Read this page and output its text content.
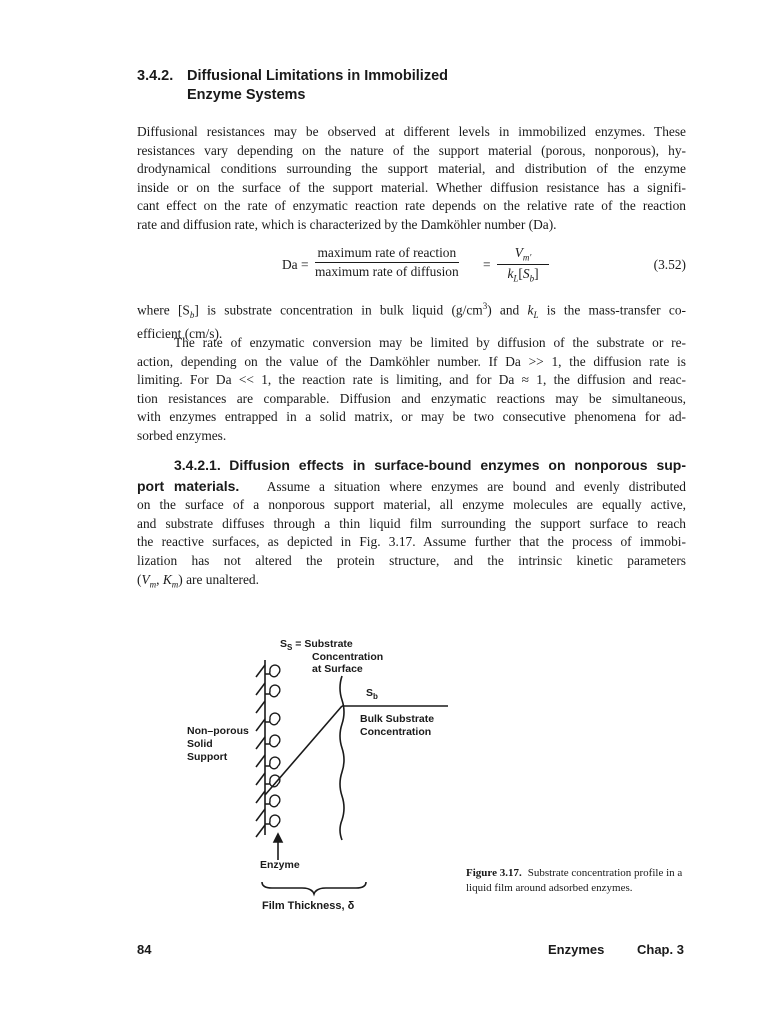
3.4.2. Diffusional Limitations in Immobilized
Enzyme Systems
Diffusional resistances may be observed at different levels in immobilized enzymes. These
resistances vary depending on the nature of the support material (porous, nonporous), hy-
drodynamical conditions surrounding the support material, and distribution of the enzyme
inside or on the surface of the support material. Whether diffusion resistance has a signifi-
cant effect on the rate of enzymatic reaction rate depends on the relative rate of the reaction
rate and diffusion rate, which is characterized by the Damköhler number (Da).
Da =
maximum rate of reaction
maximum rate of diffusion = $\frac{V_{m'}}{k_L[S_b]}$	(3.52)
where $[S_b]$ is substrate concentration in bulk liquid $(g/cm^3)$ and $k_L$ is the mass-transfer co-
efficient (cm/s).
The rate of enzymatic conversion may be limited by diffusion of the substrate or re-
action, depending on the value of the Damköhler number. If Da >> 1, the diffusion rate is
limiting. For Da << 1, the reaction rate is limiting, and for Da ≈ 1, the diffusion and reac-
tion resistances are comparable. Diffusion and enzymatic reactions may be simultaneous,
with enzymes entrapped in a solid matrix, or may be two consecutive phenomena for ad-
sorbed enzymes.
3.4.2.1. Diffusion effects in surface-bound enzymes on nonporous sup-
port materials. Assume a situation where enzymes are bound and evenly distributed
on the surface of a nonporous support material, all enzyme molecules are equally active,
and substrate diffuses through a thin liquid film surrounding the support surface to reach
the reactive surfaces, as depicted in Fig. 3.17. Assume further that the process of immobi-
lization has not altered the protein structure, and the intrinsic kinetic parameters
($V_m$, $K_m$) are unaltered.
$S_S$ = Substrate
Concentration
at Surface
$S_b$
Bulk Substrate
Concentration
Non–porous
Solid
Support
Enzyme
Film Thickness, δ
Figure 3.17. Substrate concentration profile in a liquid film around adsorbed enzymes.
84	Enzymes	Chap. 3
